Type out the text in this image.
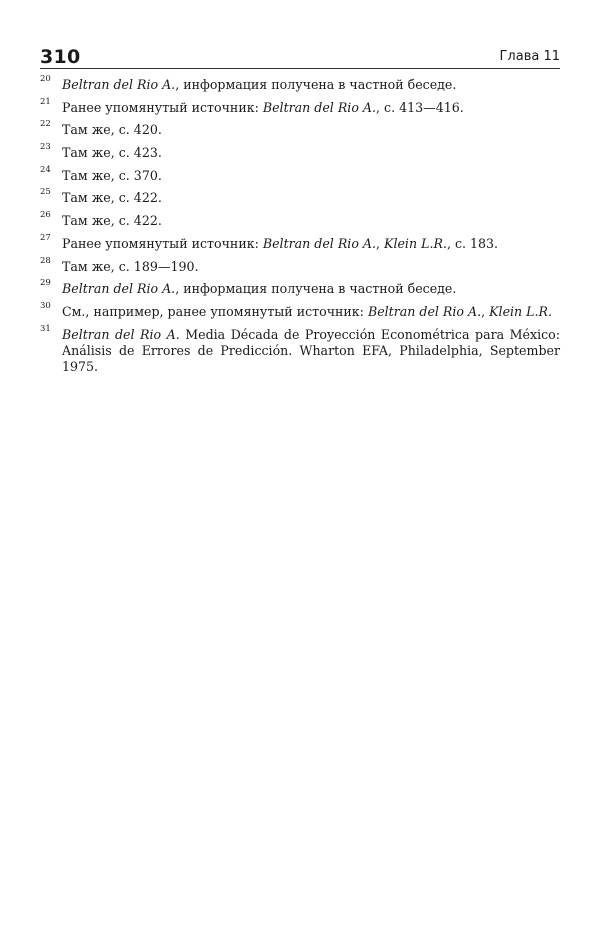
310	Глава 11
20 Beltran del Rio A., информация получена в частной беседе.
21 Ранее упомянутый источник: Beltran del Rio A., с. 413—416.
22 Там же, с. 420.
23 Там же, с. 423.
24 Там же, с. 370.
25 Там же, с. 422.
26 Там же, с. 422.
27 Ранее упомянутый источник: Beltran del Rio A., Klein L.R., с. 183.
28 Там же, с. 189—190.
29 Beltran del Rio A., информация получена в частной беседе.
30 См., например, ранее упомянутый источник: Beltran del Rio A., Klein L.R.
31 Beltran del Rio A. Media Década de Proyección Econométrica para México: Análisis de Errores de Predicción. Wharton EFA, Philadelphia, September 1975.
